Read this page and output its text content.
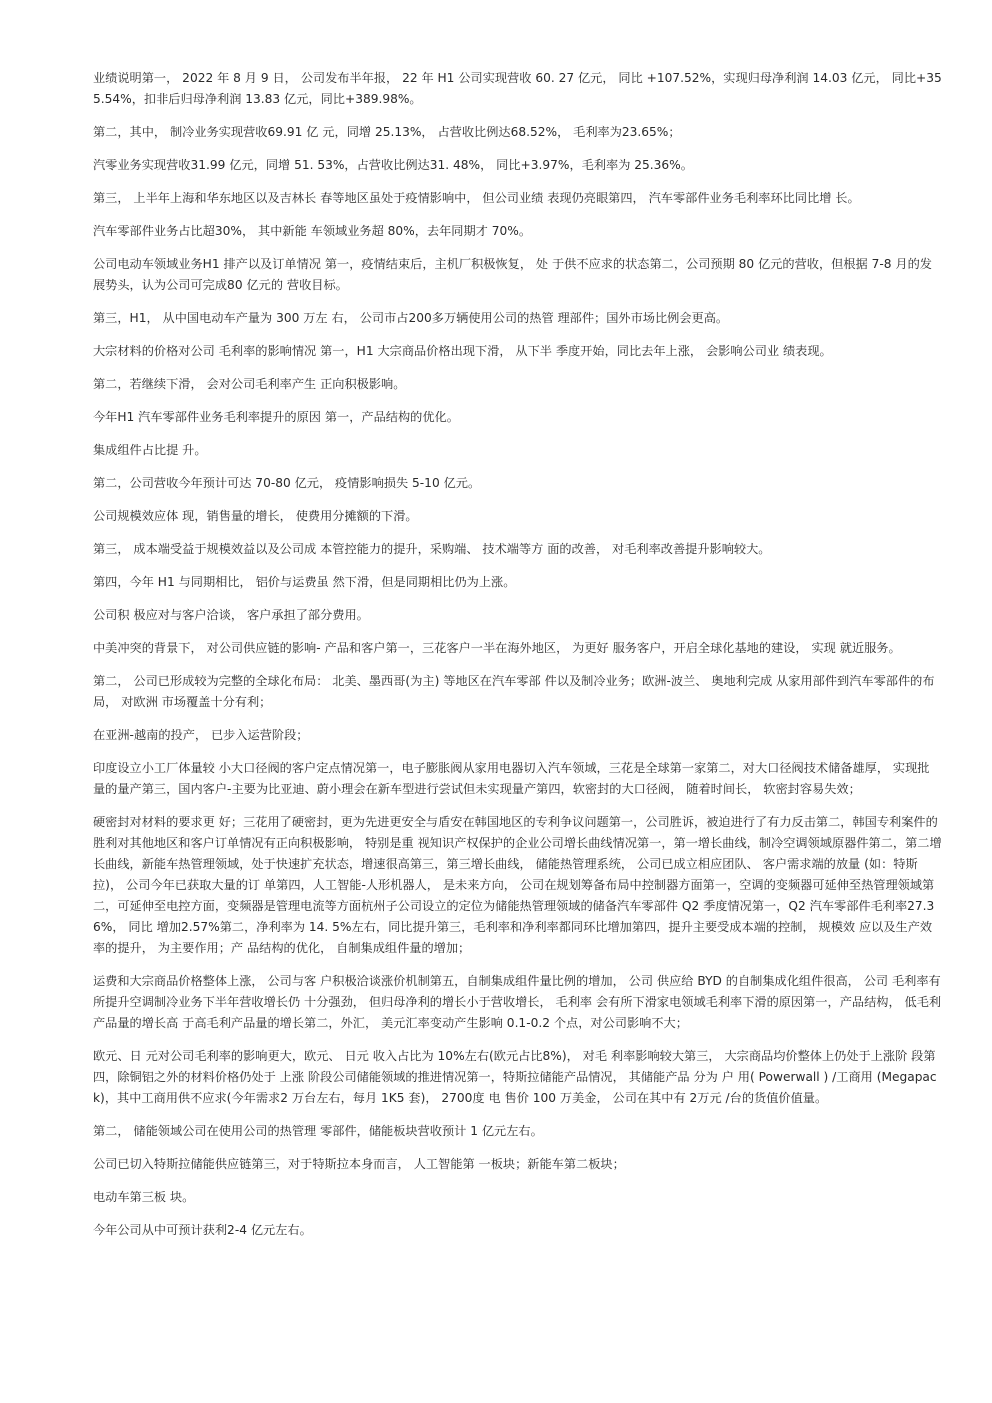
业绩说明第一， 2022 年 8 月 9 日， 公司发布半年报， 22 年 H1 公司实现营收 60. 27 亿元， 同比 +107.52%，实现归母净利润 14.03 亿元， 同比+355.54%，扣非后归母净利润 13.83 亿元，同比+389.98%。

第二，其中， 制冷业务实现营收69.91 亿 元，同增 25.13%， 占营收比例达68.52%， 毛利率为23.65%；

汽零业务实现营收31.99 亿元，同增 51. 53%，占营收比例达31. 48%， 同比+3.97%，毛利率为 25.36%。

第三， 上半年上海和华东地区以及吉林长 春等地区虽处于疫情影响中， 但公司业绩 表现仍亮眼第四， 汽车零部件业务毛利率环比同比增 长。

汽车零部件业务占比超30%， 其中新能 车领域业务超 80%，去年同期才 70%。

公司电动车领域业务H1 排产以及订单情况 第一，疫情结束后，主机厂积极恢复， 处 于供不应求的状态第二，公司预期 80 亿元的营收，但根据 7-8 月的发展势头，认为公司可完成80 亿元的 营收目标。

第三，H1， 从中国电动车产量为 300 万左 右， 公司市占200多万辆使用公司的热管 理部件；国外市场比例会更高。

大宗材料的价格对公司 毛利率的影响情况 第一，H1 大宗商品价格出现下滑， 从下半 季度开始，同比去年上涨， 会影响公司业 绩表现。

第二，若继续下滑， 会对公司毛利率产生 正向积极影响。

今年H1 汽车零部件业务毛利率提升的原因 第一，产品结构的优化。

集成组件占比提 升。

第二，公司营收今年预计可达 70-80 亿元， 疫情影响损失 5-10 亿元。

公司规模效应体 现，销售量的增长， 使费用分摊额的下滑。

第三， 成本端受益于规模效益以及公司成 本管控能力的提升，采购端、 技术端等方 面的改善， 对毛利率改善提升影响较大。

第四，今年 H1 与同期相比， 铝价与运费虽 然下滑，但是同期相比仍为上涨。

公司积 极应对与客户洽谈， 客户承担了部分费用。

中美冲突的背景下， 对公司供应链的影响- 产品和客户第一，三花客户一半在海外地区， 为更好 服务客户，开启全球化基地的建设， 实现 就近服务。

第二， 公司已形成较为完整的全球化布局： 北美、墨西哥(为主) 等地区在汽车零部 件以及制冷业务；欧洲-波兰、 奥地利完成 从家用部件到汽车零部件的布局， 对欧洲 市场覆盖十分有利；

在亚洲-越南的投产， 已步入运营阶段；

印度设立小工厂体量较 小大口径阀的客户定点情况第一，电子膨胀阀从家用电器切入汽车领域，三花是全球第一家第二，对大口径阀技术储备雄厚， 实现批 量的量产第三，国内客户-主要为比亚迪、蔚小理会在新车型进行尝试但未实现量产第四，软密封的大口径阀， 随着时间长， 软密封容易失效；

硬密封对材料的要求更 好；三花用了硬密封，更为先进更安全与盾安在韩国地区的专利争议问题第一，公司胜诉，被迫进行了有力反击第二，韩国专利案件的胜利对其他地区和客户订单情况有正向积极影响， 特别是重 视知识产权保护的企业公司增长曲线情况第一，第一增长曲线，制冷空调领域原器件第二，第二增长曲线，新能车热管理领域，处于快速扩充状态，增速很高第三，第三增长曲线， 储能热管理系统， 公司已成立相应团队、 客户需求端的放量 (如：特斯拉)， 公司今年已获取大量的订 单第四，人工智能-人形机器人， 是未来方向， 公司在规划筹备布局中控制器方面第一，空调的变频器可延伸至热管理领域第二，可延伸至电控方面，变频器是管理电流等方面杭州子公司设立的定位为储能热管理领域的储备汽车零部件 Q2 季度情况第一，Q2 汽车零部件毛利率27.36%， 同比 增加2.57%第二，净利率为 14. 5%左右，同比提升第三，毛利率和净利率都同环比增加第四，提升主要受成本端的控制， 规模效 应以及生产效率的提升， 为主要作用；产 品结构的优化， 自制集成组件量的增加；

运费和大宗商品价格整体上涨， 公司与客 户积极洽谈涨价机制第五，自制集成组件量比例的增加， 公司 供应给 BYD 的自制集成化组件很高， 公司 毛利率有所提升空调制冷业务下半年营收增长仍 十分强劲， 但归母净利的增长小于营收增长， 毛利率 会有所下滑家电领域毛利率下滑的原因第一，产品结构， 低毛利产品量的增长高 于高毛利产品量的增长第二，外汇， 美元汇率变动产生影响 0.1-0.2 个点，对公司影响不大；

欧元、日 元对公司毛利率的影响更大，欧元、 日元 收入占比为 10%左右(欧元占比8%)， 对毛 利率影响较大第三， 大宗商品均价整体上仍处于上涨阶 段第四，除铜铝之外的材料价格仍处于 上涨 阶段公司储能领域的推进情况第一，特斯拉储能产品情况， 其储能产品 分为 户 用( Powerwall ) /工商用 (Megapack)，其中工商用供不应求(今年需求2 万台左右，每月 1K5 套)， 2700度 电 售价 100 万美金， 公司在其中有 2万元 /台的货值价值量。

第二， 储能领域公司在使用公司的热管理 零部件，储能板块营收预计 1 亿元左右。

公司已切入特斯拉储能供应链第三，对于特斯拉本身而言， 人工智能第 一板块；新能车第二板块；

电动车第三板 块。

今年公司从中可预计获利2-4 亿元左右。
